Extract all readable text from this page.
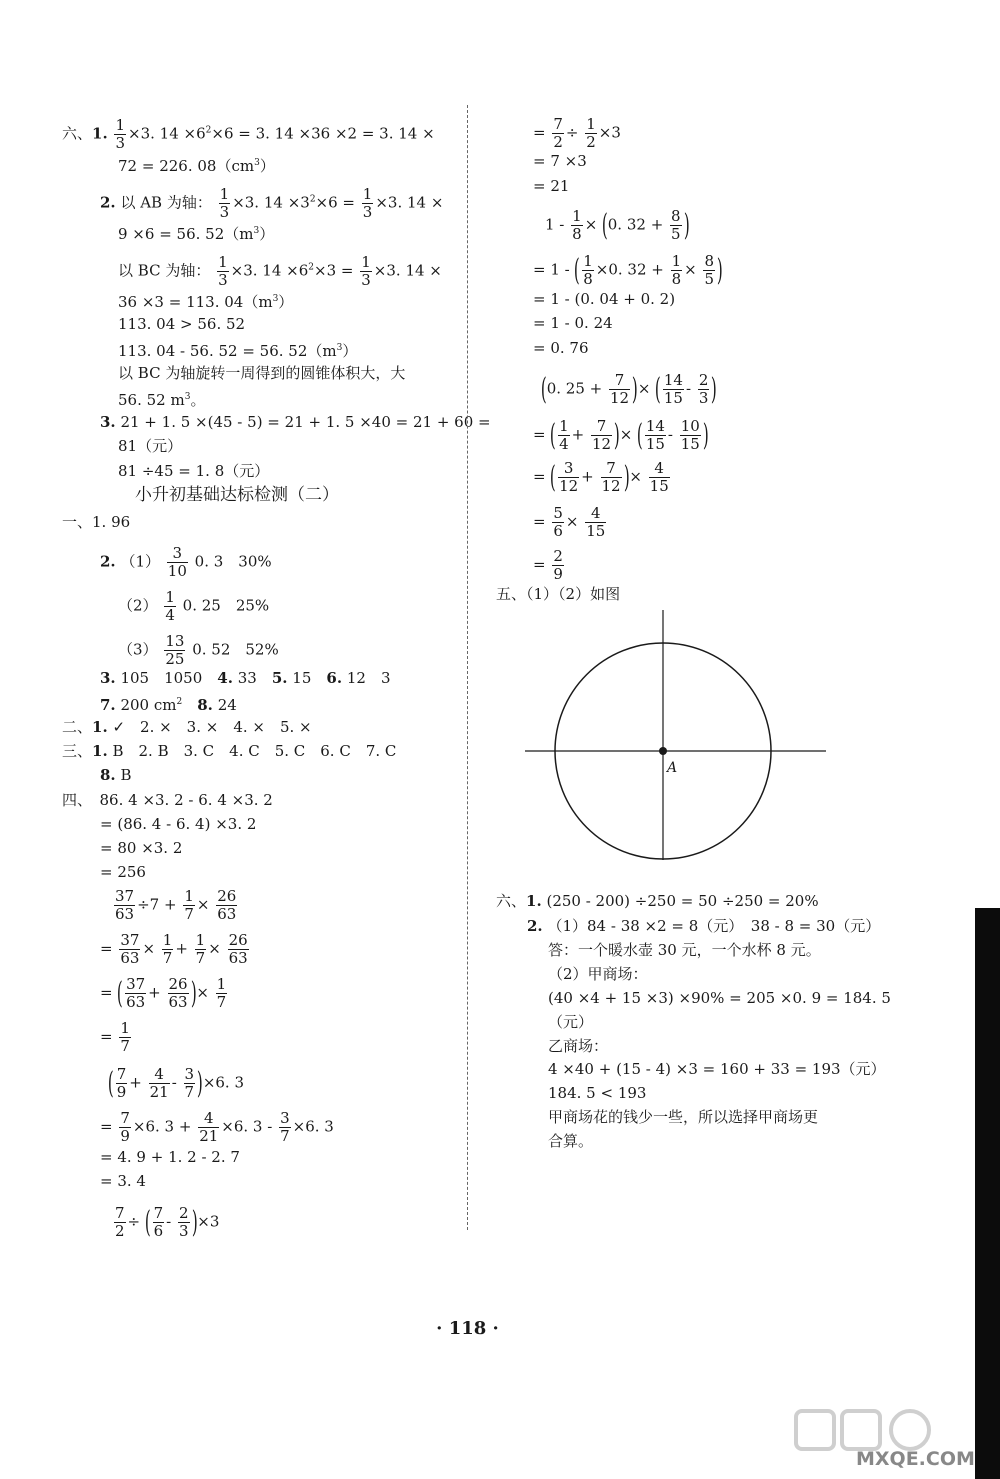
六、1. $\frac{1}{3} \times 3$. $14 \times 6^2\times 6 = 3$. 14 ×36 ×2 = 3. 14 ×
72 = 226. $08(cm^3)$
2. 以 AB 为轴： $\frac{1}{3} \times 3$. $14 \times 3^2\times 6 = \frac{1}{3} \times 3$. 14 ×
9 ×6 = 56. $52(m^3)$
以 BC 为轴： $\frac{1}{3} \times 3$. $14 \times 6^2\times 3 = \frac{1}{3} \times 3$. 14 ×
36 ×3 = 113. $04(m^3)$
113. 04 > 56. 52
113. 04 - 56. 52 = 56. $52(m^3)$
以 BC 为轴旋转一周得到的圆锥体积大，大
56. 52 $m^3$。
3. 21 + 1. 5 ×(45 - 5) = 21 + 1. 5 ×40 = 21 + 60 =
81（元）
81 ÷45 = 1. 8（元）
小升初基础达标检测（二）
一、1. 96
2. $(1) \frac{3}{10} 0$. 3　30%
$(2) \frac{1}{4} 0$. 25　25%
$(3) \frac{13}{25} 0$. 52　52%
3. 105　1050　 4. 33　 5. 15　 6. 12　3
7. 200 $cm^2$　 8. 24
二、1. ✓　2. ×　3. ×　4. ×　5. ×
三、1. B　2. B　3. C　4. C　5. C　6. C　7. C
8. B
四、　86. 4 ×3. 2 - 6. 4 ×3. 2
= (86. 4 - 6. 4) ×3. 2
= 80 ×3. 2
= 256
$\frac{37}{63} \div 7 + \frac{1}{7} \times \frac{26}{63}$
= $\frac{37}{63} \times \frac{1}{7} + \frac{1}{7} \times \frac{26}{63}$
= ( $\frac{37}{63} + \frac{26}{63}$ )× $\frac{1}{7}$
= $\frac{1}{7}$
( $\frac{7}{9} + \frac{4}{21} - \frac{3}{7} )\times 6$. 3
= $\frac{7}{9} \times 6$. $3 + \frac{4}{21} \times 6$. $3 - \frac{3}{7} \times 6$. 3
= 4. 9 + 1. 2 - 2. 7
= 3. 4
$\frac{7}{2}$ ÷ ( $\frac{7}{6} - \frac{2}{3} )\times 3$
= $\frac{7}{2} \div \frac{1}{2} \times 3$
= 7 ×3
= 21
$1 - \frac{1}{8} \times (0$. $32 + \frac{8}{5}$ )
= 1 - ( $\frac{1}{8} \times 0$. $32 + \frac{1}{8} \times \frac{8}{5}$ )
= 1 - (0. 04 + 0. 2)
= 1 - 0. 24
= 0. 76
(0. $25 + \frac{7}{12}$ )× ( $\frac{14}{15} - \frac{2}{3}$ )
= ( $\frac{1}{4} + \frac{7}{12}$ )× ( $\frac{14}{15} - \frac{10}{15}$ )
= ( $\frac{3}{12} + \frac{7}{12}$ )× $\frac{4}{15}$
= $\frac{5}{6} \times \frac{4}{15}$
= $\frac{2}{9}$
五、（1）（2）如图
A
六、1. (250 - 200) ÷250 = 50 ÷250 = 20%
2. （1）84 - 38 ×2 = 8（元）　38 - 8 = 30（元）
答：一个暖水壶 30 元，一个水杯 8 元。
（2）甲商场：
(40 ×4 + 15 ×3) ×90% = 205 ×0. 9 = 184. 5
（元）
乙商场：
4 ×40 + (15 - 4) ×3 = 160 + 33 = 193（元）
184. 5 < 193
甲商场花的钱少一些，所以选择甲商场更
合算。
· 118 ·
MXQE.COM
